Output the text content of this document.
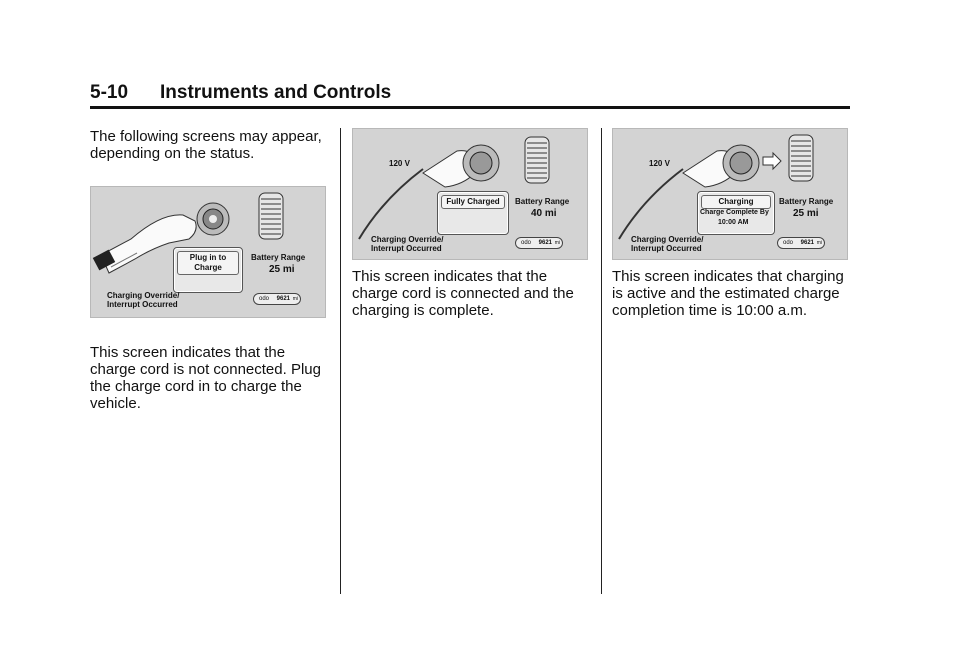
5-10 Instruments and Controls

The following screens may appear, depending on the status.

Plug in to Charge
Battery Range
25 mi
Charging Override/
Interrupt Occurred
odo 9621 mi

This screen indicates that the charge cord is not connected. Plug the charge cord in to charge the vehicle.

120 V
Fully Charged	Battery Range
40 mi
Charging Override/
Interrupt Occurred
odo 9621 mi

This screen indicates that the charge cord is connected and the charging is complete.

120 V
Charging
Charge Complete By
10:00 AM
Battery Range
25 mi
Charging Override/
Interrupt Occurred
odo 9621 mi

This screen indicates that charging is active and the estimated charge completion time is 10:00 a.m.
